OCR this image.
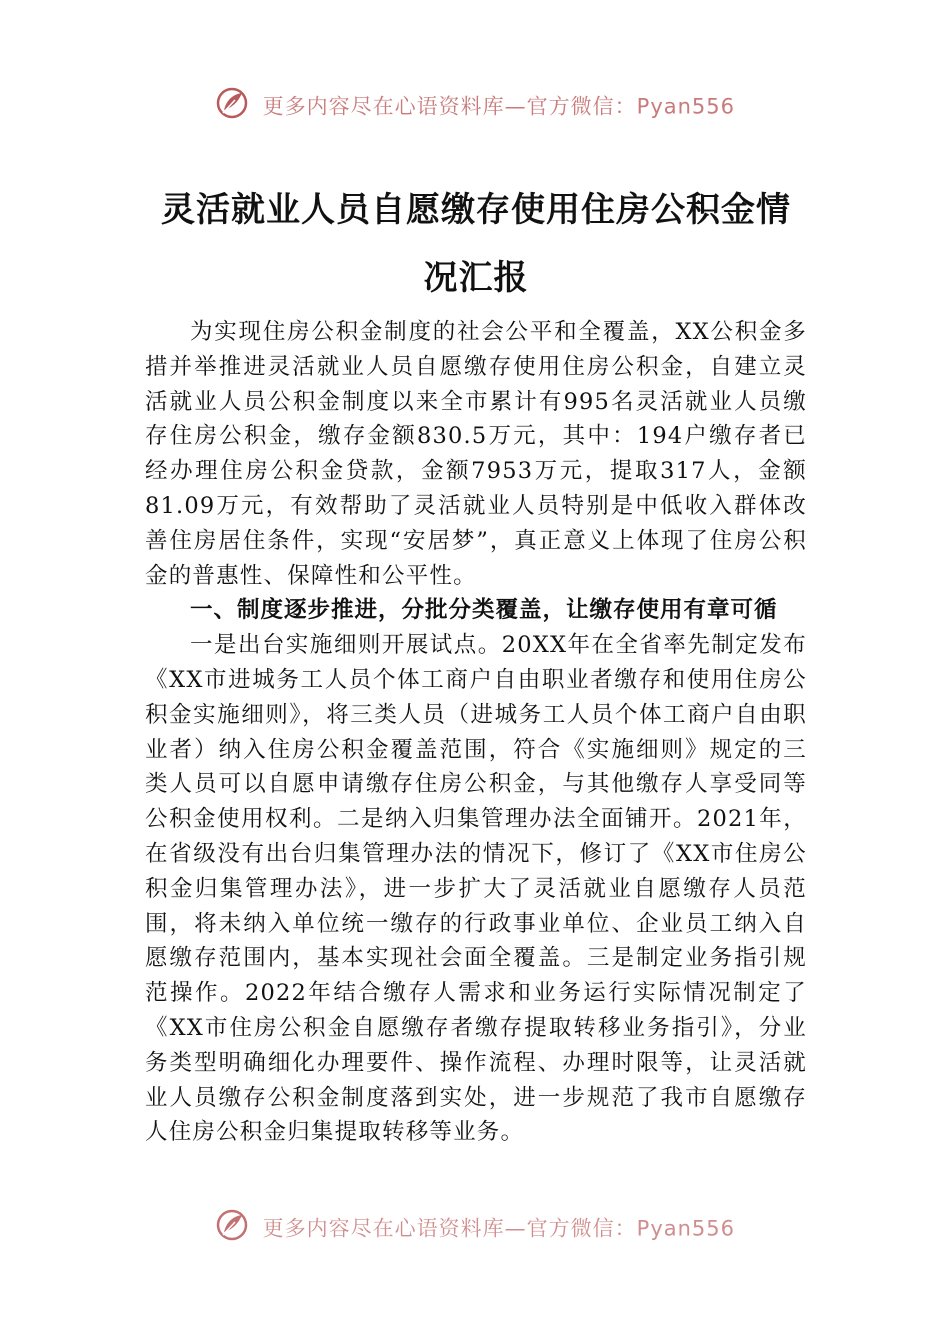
更多内容尽在心语资料库—官方微信：Pyan556
灵活就业人员自愿缴存使用住房公积金情
况汇报

为实现住房公积金制度的社会公平和全覆盖，XX公积金多措并举推进灵活就业人员自愿缴存使用住房公积金，自建立灵活就业人员公积金制度以来全市累计有995名灵活就业人员缴存住房公积金，缴存金额830.5万元，其中：194户缴存者已经办理住房公积金贷款，金额7953万元，提取317人，金额81.09万元，有效帮助了灵活就业人员特别是中低收入群体改善住房居住条件，实现“安居梦”，真正意义上体现了住房公积金的普惠性、保障性和公平性。

一、制度逐步推进，分批分类覆盖，让缴存使用有章可循

一是出台实施细则开展试点。20XX年在全省率先制定发布《XX市进城务工人员个体工商户自由职业者缴存和使用住房公积金实施细则》，将三类人员（进城务工人员个体工商户自由职业者）纳入住房公积金覆盖范围，符合《实施细则》规定的三类人员可以自愿申请缴存住房公积金，与其他缴存人享受同等公积金使用权利。二是纳入归集管理办法全面铺开。2021年，在省级没有出台归集管理办法的情况下，修订了《XX市住房公积金归集管理办法》，进一步扩大了灵活就业自愿缴存人员范围，将未纳入单位统一缴存的行政事业单位、企业员工纳入自愿缴存范围内，基本实现社会面全覆盖。三是制定业务指引规范操作。2022年结合缴存人需求和业务运行实际情况制定了《XX市住房公积金自愿缴存者缴存提取转移业务指引》，分业务类型明确细化办理要件、操作流程、办理时限等，让灵活就业人员缴存公积金制度落到实处，进一步规范了我市自愿缴存人住房公积金归集提取转移等业务。

更多内容尽在心语资料库—官方微信：Pyan556
